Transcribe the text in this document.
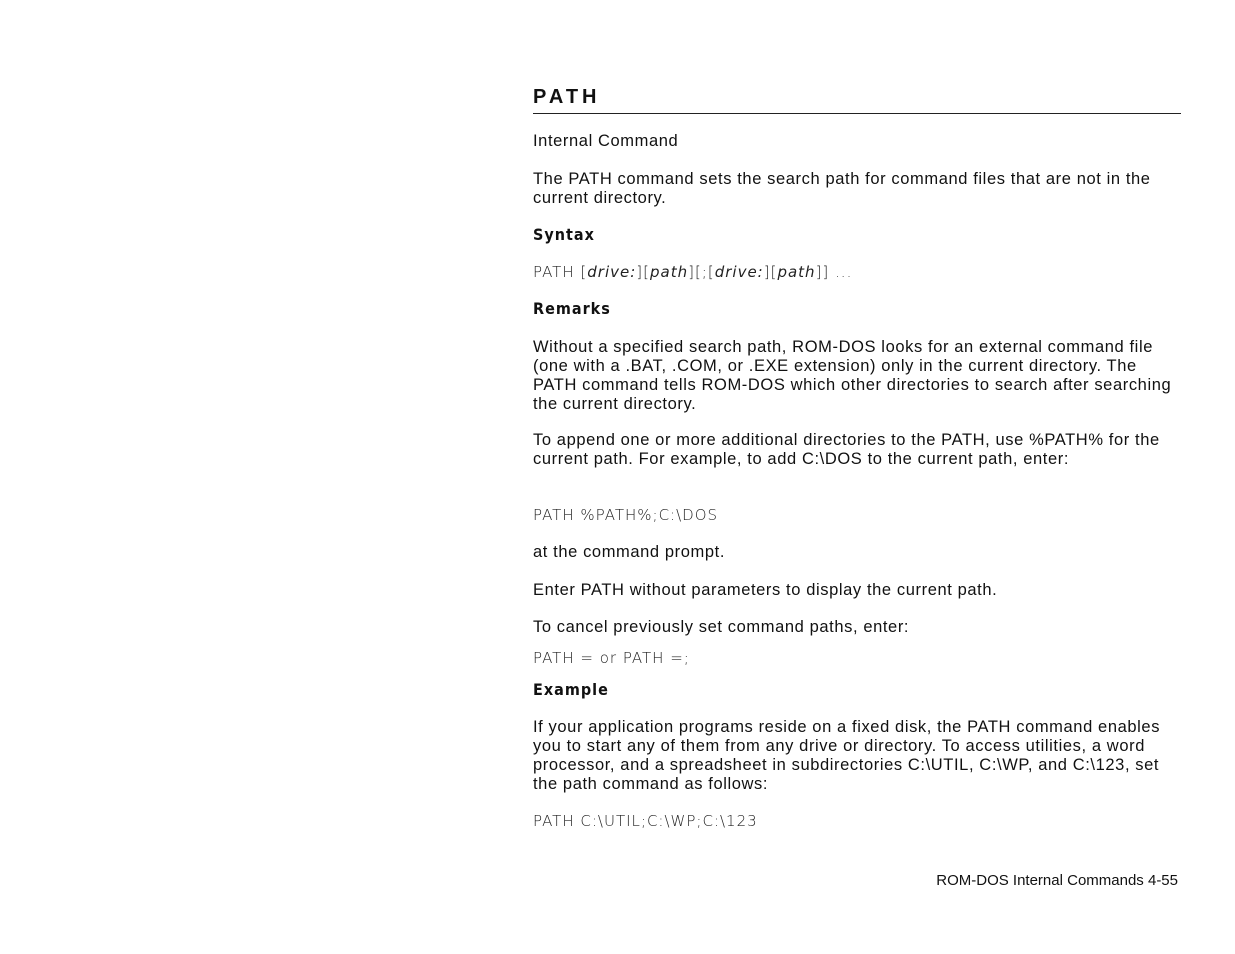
PATH

Internal Command

The PATH command sets the search path for command files that are not in the current directory.

Syntax

PATH [drive:][path][;[drive:][path]] ...

Remarks

Without a specified search path, ROM-DOS looks for an external command file (one with a .BAT, .COM, or .EXE extension) only in the current directory. The PATH command tells ROM-DOS which other directories to search after searching the current directory.

To append one or more additional directories to the PATH, use %PATH% for the current path. For example, to add C:\DOS to the current path, enter:

PATH %PATH%;C:\DOS

at the command prompt.

Enter PATH without parameters to display the current path.

To cancel previously set command paths, enter:

PATH = or PATH =;

Example

If your application programs reside on a fixed disk, the PATH command enables you to start any of them from any drive or directory. To access utilities, a word processor, and a spreadsheet in subdirectories C:\UTIL, C:\WP, and C:\123, set the path command as follows:

PATH C:\UTIL;C:\WP;C:\123

ROM-DOS Internal Commands 4-55
